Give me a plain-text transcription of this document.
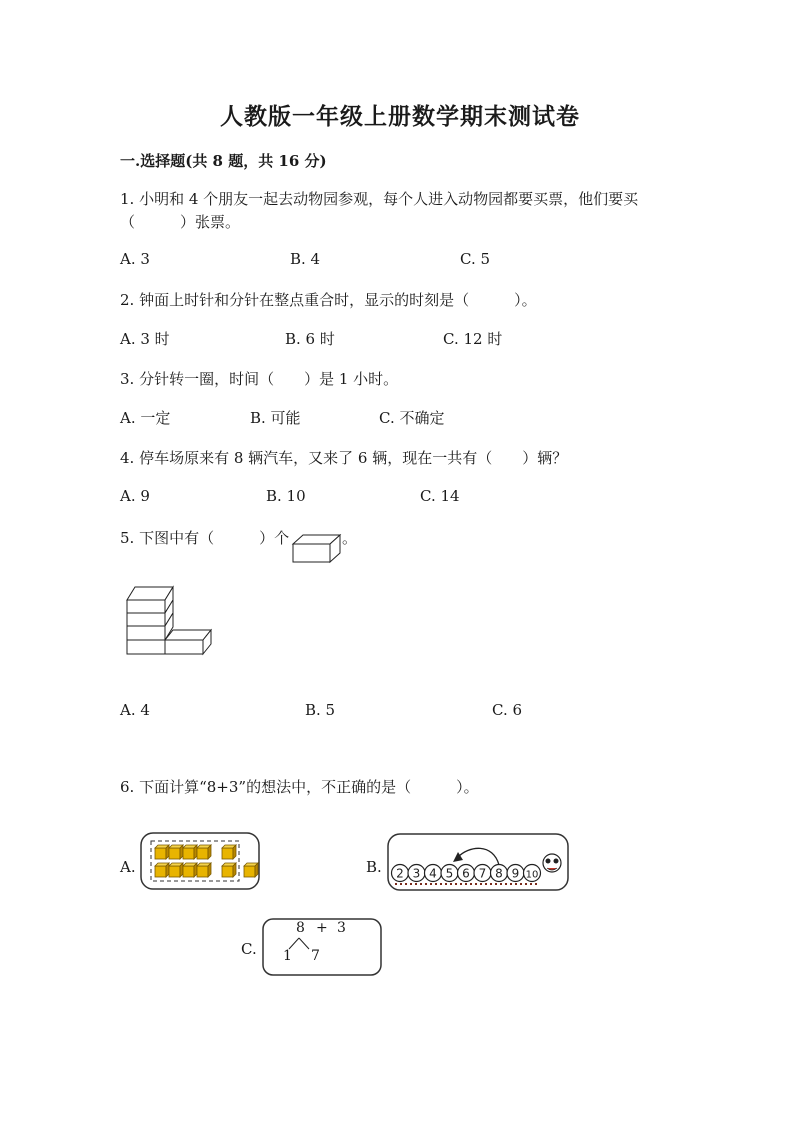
人教版一年级上册数学期末测试卷
一.选择题(共 8 题，共 16 分)
1. 小明和 4 个朋友一起去动物园参观，每个人进入动物园都要买票，他们要买
（　　　）张票。
A. 3	B. 4	C. 5
2. 钟面上时针和分针在整点重合时，显示的时刻是（　　　）。
A. 3 时	B. 6 时	C. 12 时
3. 分针转一圈，时间（　　）是 1 小时。
A. 一定	B. 可能	C. 不确定
4. 停车场原来有 8 辆汽车，又来了 6 辆，现在一共有（　　）辆？
A. 9	B. 10	C. 14
5. 下图中有（　　　）个	。
A. 4	B. 5	C. 6
6. 下面计算“8+3”的想法中，不正确的是（　　　）。
A.	B. 2 3 4 5 6 7 8 9 10
C.
8 + 3
1 7
